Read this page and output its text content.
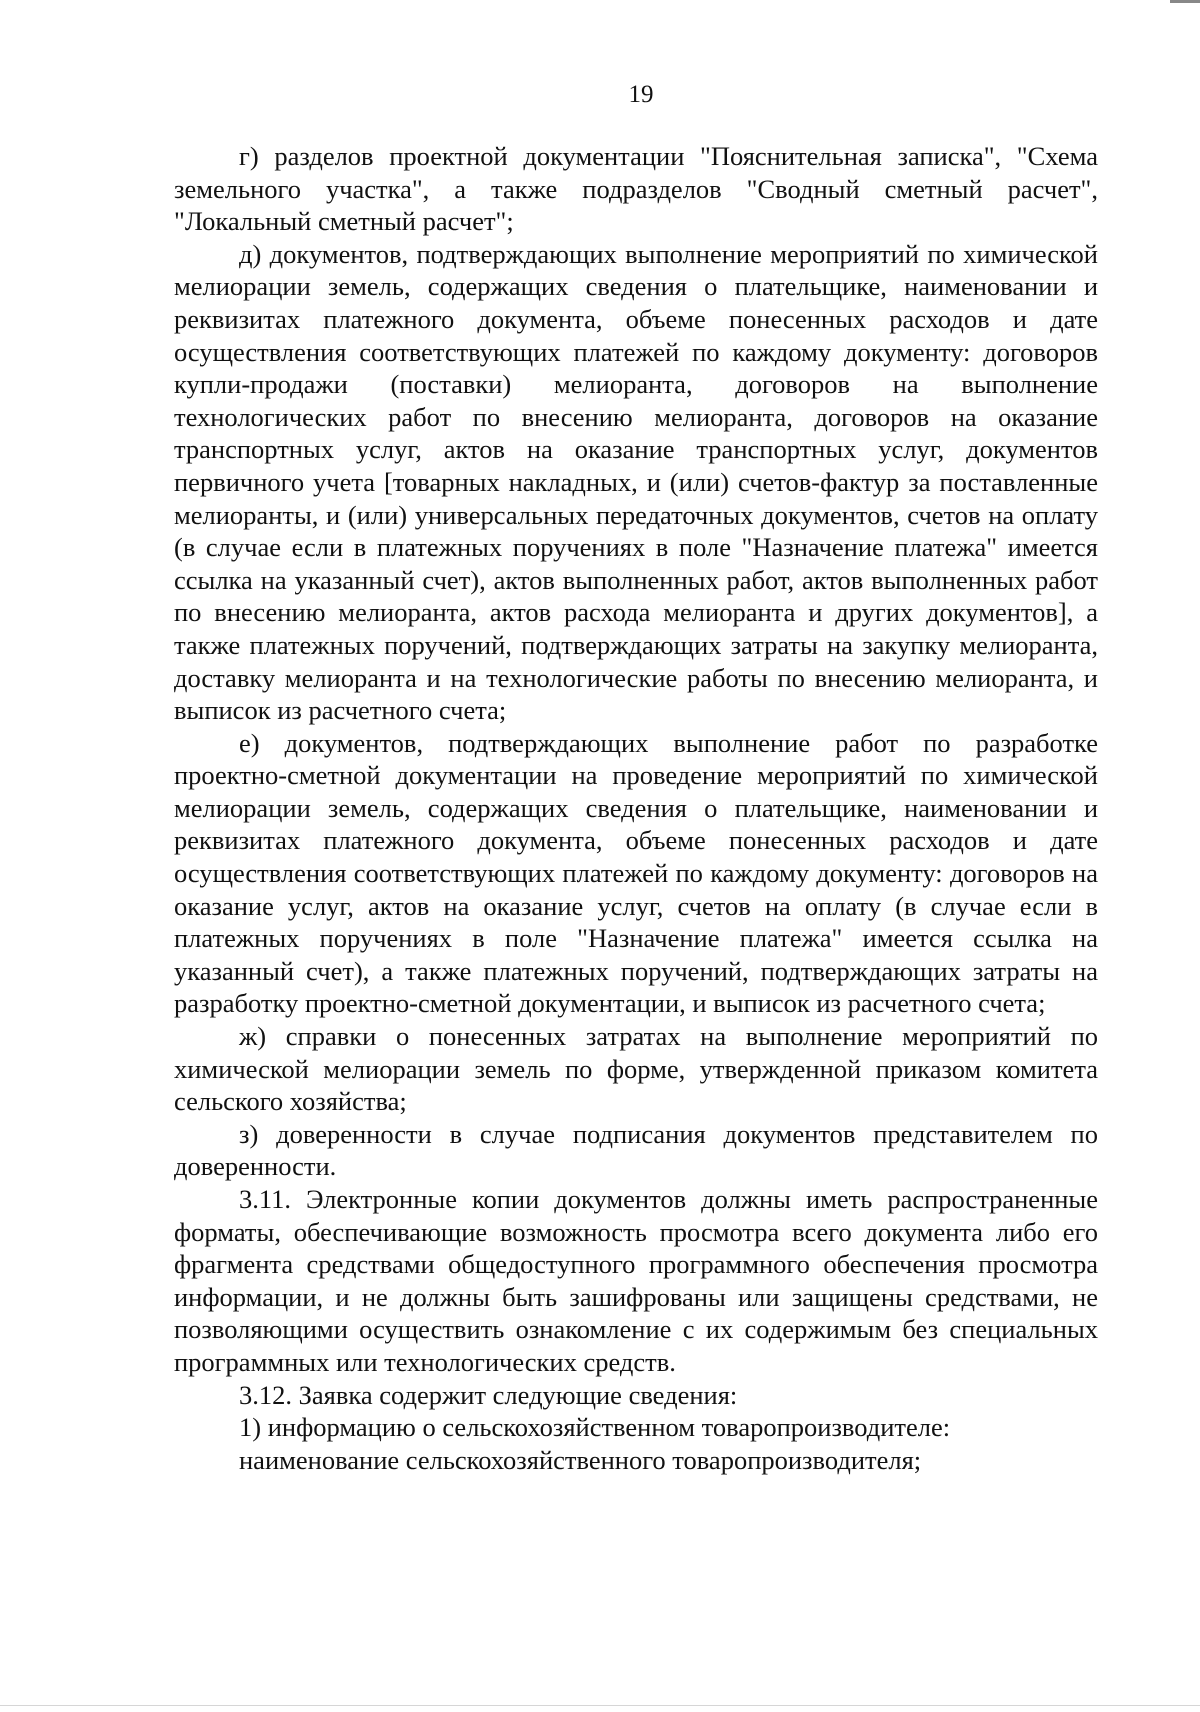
19

г) разделов проектной документации "Пояснительная записка", "Схема земельного участка", а также подразделов "Сводный сметный расчет", "Локальный сметный расчет";

д) документов, подтверждающих выполнение мероприятий по химической мелиорации земель, содержащих сведения о плательщике, наименовании и реквизитах платежного документа, объеме понесенных расходов и дате осуществления соответствующих платежей по каждому документу: договоров купли-продажи (поставки) мелиоранта, договоров на выполнение технологических работ по внесению мелиоранта, договоров на оказание транспортных услуг, актов на оказание транспортных услуг, документов первичного учета [товарных накладных, и (или) счетов-фактур за поставленные мелиоранты, и (или) универсальных передаточных документов, счетов на оплату (в случае если в платежных поручениях в поле "Назначение платежа" имеется ссылка на указанный счет), актов выполненных работ, актов выполненных работ по внесению мелиоранта, актов расхода мелиоранта и других документов], а также платежных поручений, подтверждающих затраты на закупку мелиоранта, доставку мелиоранта и на технологические работы по внесению мелиоранта, и выписок из расчетного счета;

е) документов, подтверждающих выполнение работ по разработке проектно-сметной документации на проведение мероприятий по химической мелиорации земель, содержащих сведения о плательщике, наименовании и реквизитах платежного документа, объеме понесенных расходов и дате осуществления соответствующих платежей по каждому документу: договоров на оказание услуг, актов на оказание услуг, счетов на оплату (в случае если в платежных поручениях в поле "Назначение платежа" имеется ссылка на указанный счет), а также платежных поручений, подтверждающих затраты на разработку проектно-сметной документации, и выписок из расчетного счета;

ж) справки о понесенных затратах на выполнение мероприятий по химической мелиорации земель по форме, утвержденной приказом комитета сельского хозяйства;

з) доверенности в случае подписания документов представителем по доверенности.

3.11. Электронные копии документов должны иметь распространенные форматы, обеспечивающие возможность просмотра всего документа либо его фрагмента средствами общедоступного программного обеспечения просмотра информации, и не должны быть зашифрованы или защищены средствами, не позволяющими осуществить ознакомление с их содержимым без специальных программных или технологических средств.

3.12. Заявка содержит следующие сведения:

1) информацию о сельскохозяйственном товаропроизводителе:

наименование сельскохозяйственного товаропроизводителя;
